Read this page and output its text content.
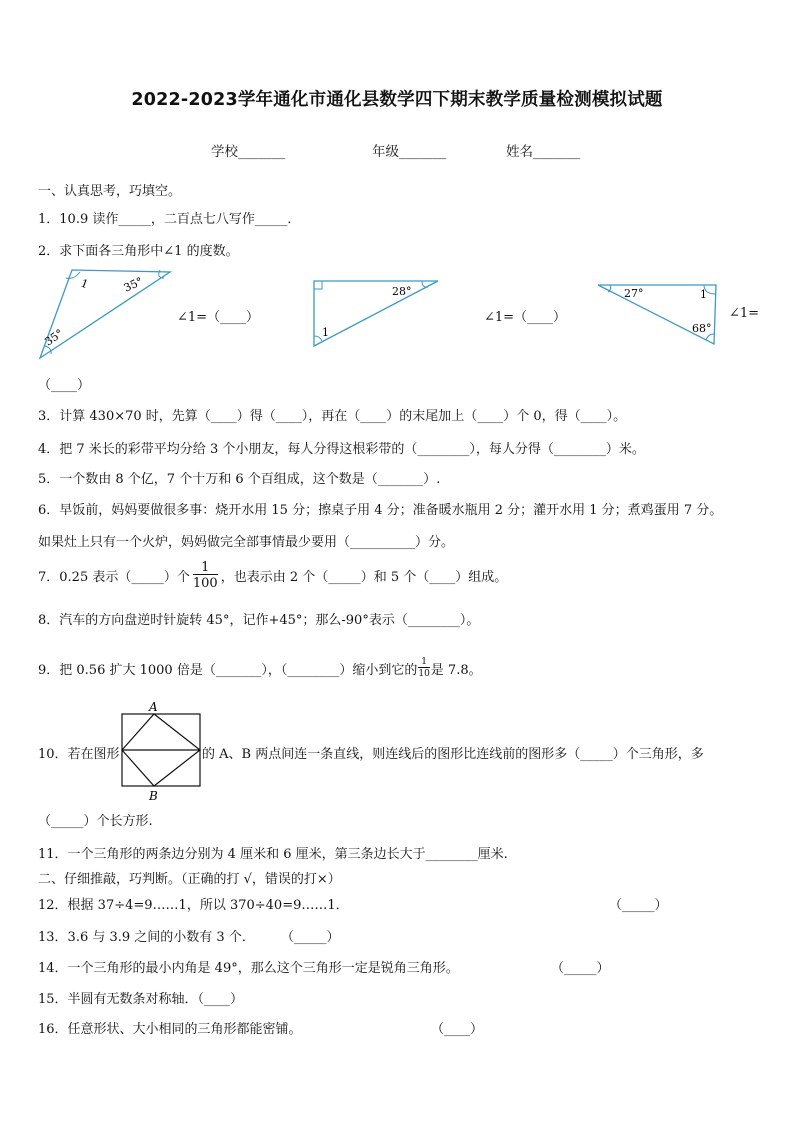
2022-2023学年通化市通化县数学四下期末教学质量检测模拟试题
学校_______	年级_______	姓名_______
一、认真思考，巧填空。
1．10.9 读作_____，二百点七八写作_____．
2．求下面各三角形中∠1 的度数。
1	35°
35°
∠1=（____）
28°
1
∠1=（____）
27°	1
68°
∠1=
（____）
3．计算 430×70 时，先算（____）得（____），再在（____）的末尾加上（____）个 0，得（____）。
4．把 7 米长的彩带平均分给 3 个小朋友，每人分得这根彩带的（________），每人分得（________）米。
5．一个数由 8 个亿，7 个十万和 6 个百组成，这个数是（_______）.
6．早饭前，妈妈要做很多事：烧开水用 15 分；擦桌子用 4 分；准备暖水瓶用 2 分；灌开水用 1 分；煮鸡蛋用 7 分。
如果灶上只有一个火炉，妈妈做完全部事情最少要用（__________）分。
7．0.25 表示（_____）个 $\frac{1}{100}$ ，也表示由 2 个（_____）和 5 个（____）组成。
8．汽车的方向盘逆时针旋转 45°，记作+45°；那么-90°表示（________）。
9．把 0.56 扩大 1000 倍是（_______），（________）缩小到它的 $\frac{1}{10}$ 是 7.8。
A
B
10．若在图形	的 A、B 两点间连一条直线，则连线后的图形比连线前的图形多（_____）个三角形，多
（_____）个长方形.
11．一个三角形的两条边分别为 4 厘米和 6 厘米，第三条边长大于________厘米.
二、仔细推敲，巧判断。（正确的打 √，错误的打×）
12．根据 37÷4=9……1，所以 370÷40=9……1．	（_____）
13．3.6 与 3.9 之间的小数有 3 个． （_____）
14．一个三角形的最小内角是 49°，那么这个三角形一定是锐角三角形。	（_____）
15．半圆有无数条对称轴．（____）
16．任意形状、大小相同的三角形都能密铺。	（____）
